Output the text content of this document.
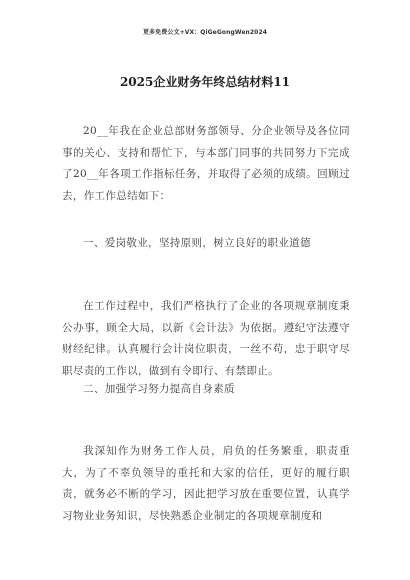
更多免费公文+VX：QiGeGongWen2024
2025企业财务年终总结材料11

20__年我在企业总部财务部领导、分企业领导及各位同事的关心、支持和帮忙下，与本部门同事的共同努力下完成了20__年各项工作指标任务，并取得了必须的成绩。回顾过去，作工作总结如下：

一、爱岗敬业，坚持原则，树立良好的职业道德

在工作过程中，我们严格执行了企业的各项规章制度秉公办事，顾全大局，以新《会计法》为依据。遵纪守法遵守财经纪律。认真履行会计岗位职责，一丝不苟，忠于职守尽职尽责的工作以，做到有令即行、有禁即止。

二、加强学习努力提高自身素质

我深知作为财务工作人员，肩负的任务繁重，职责重大，为了不辜负领导的重托和大家的信任，更好的履行职责，就务必不断的学习，因此把学习放在重要位置，认真学习物业业务知识，尽快熟悉企业制定的各项规章制度和
